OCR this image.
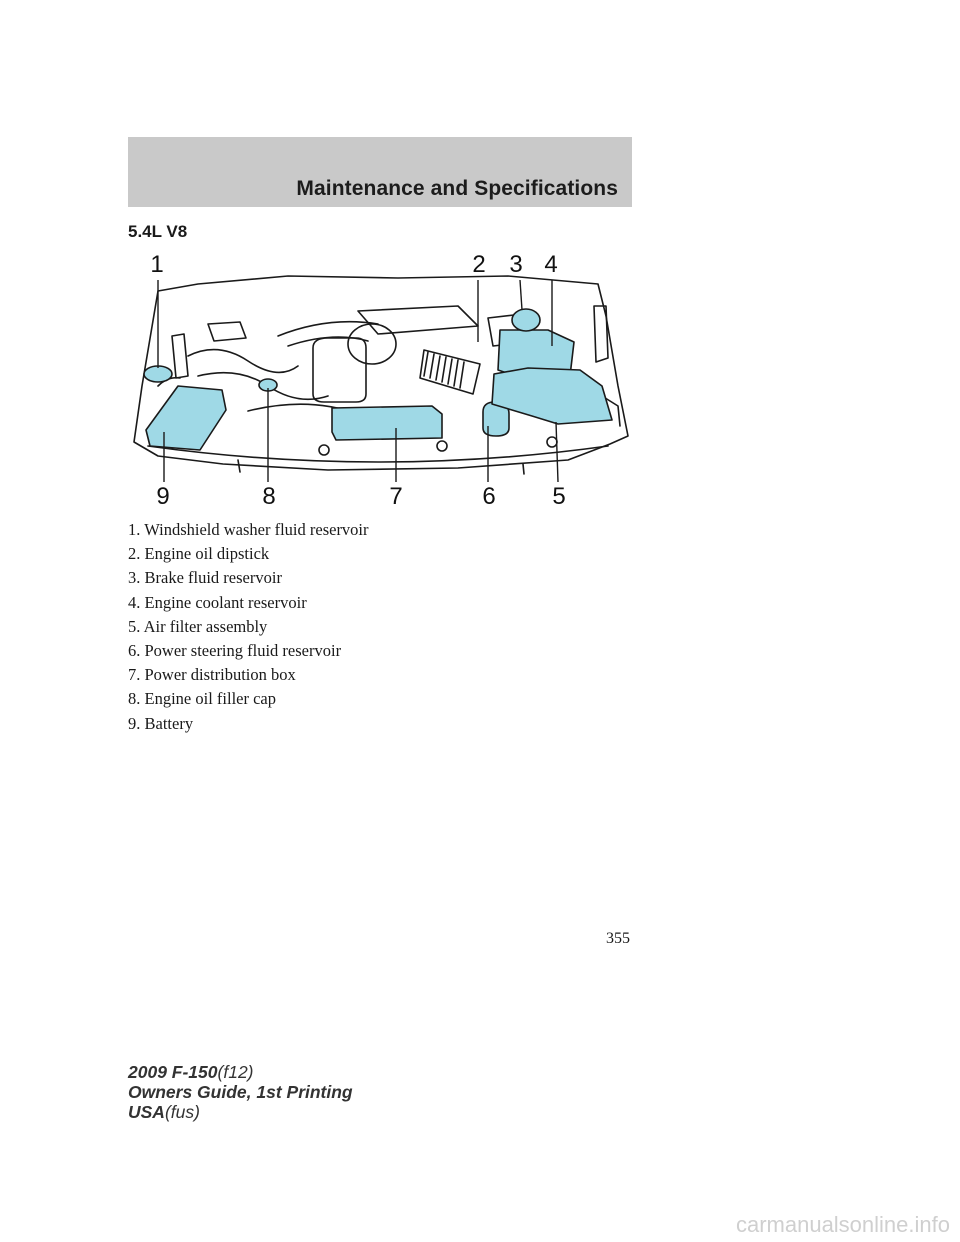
Maintenance and Specifications
5.4L V8
1	2 3 4
5
6
7
8
9
1. Windshield washer fluid reservoir
2. Engine oil dipstick
3. Brake fluid reservoir
4. Engine coolant reservoir
5. Air filter assembly
6. Power steering fluid reservoir
7. Power distribution box
8. Engine oil filler cap
9. Battery
355
2009 F-150(f12)
Owners Guide, 1st Printing
USA(fus)
carmanualsonline.info
